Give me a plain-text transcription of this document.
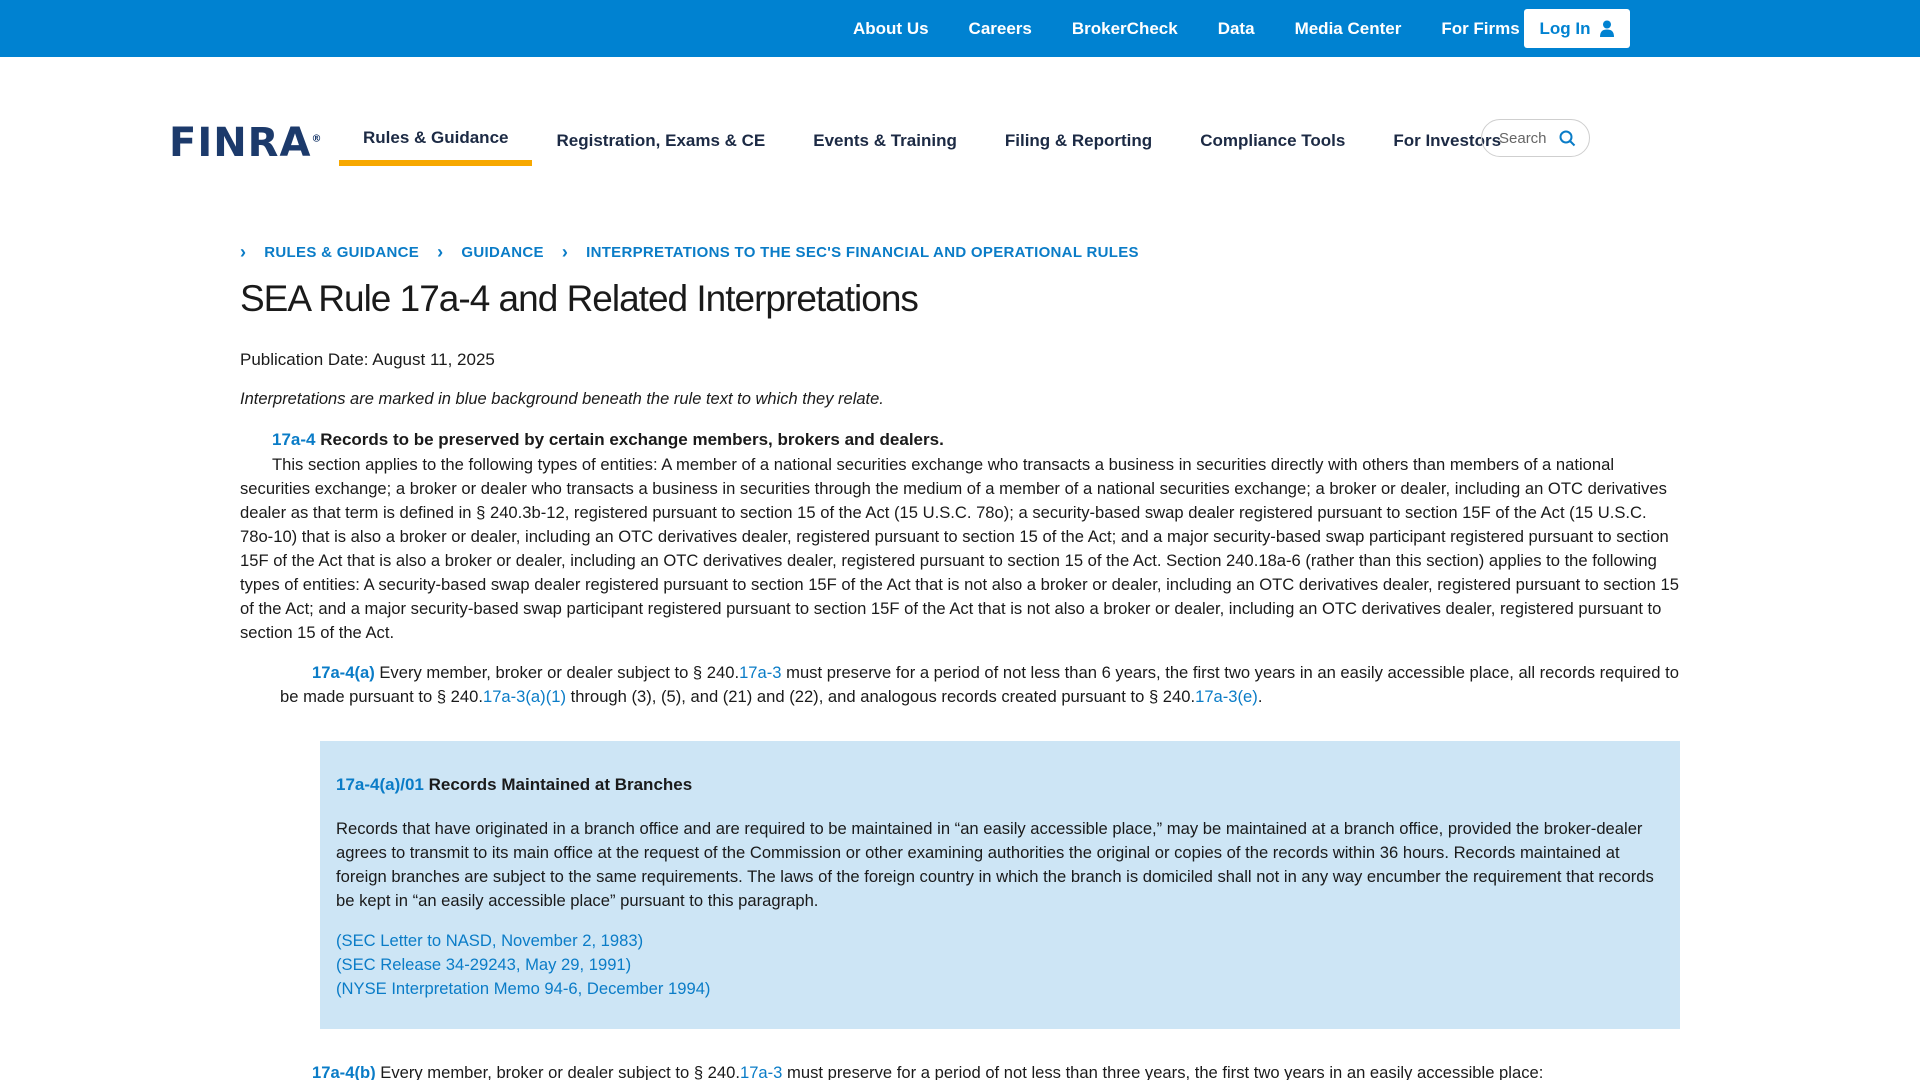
About Us Careers BrokerCheck Data Media Center For Firms Log In
FINRA®	Rules & Guidance	Registration, Exams & CE	Events & Training	Filing & Reporting	Compliance Tools	For Investors
Search
› RULES & GUIDANCE › GUIDANCE › INTERPRETATIONS TO THE SEC'S FINANCIAL AND OPERATIONAL RULES
SEA Rule 17a-4 and Related Interpretations
Publication Date: August 11, 2025
Interpretations are marked in blue background beneath the rule text to which they relate.
17a-4 Records to be preserved by certain exchange members, brokers and dealers.

This section applies to the following types of entities: A member of a national securities exchange who transacts a business in securities directly with others than members of a national securities exchange; a broker or dealer who transacts a business in securities through the medium of a member of a national securities exchange; a broker or dealer, including an OTC derivatives dealer as that term is defined in § 240.3b-12, registered pursuant to section 15 of the Act (15 U.S.C. 78o); a security-based swap dealer registered pursuant to section 15F of the Act (15 U.S.C. 78o-10) that is also a broker or dealer, including an OTC derivatives dealer, registered pursuant to section 15 of the Act; and a major security-based swap participant registered pursuant to section 15F of the Act that is also a broker or dealer, including an OTC derivatives dealer, registered pursuant to section 15 of the Act. Section 240.18a-6 (rather than this section) applies to the following types of entities: A security-based swap dealer registered pursuant to section 15F of the Act that is not also a broker or dealer, including an OTC derivatives dealer, registered pursuant to section 15 of the Act; and a major security-based swap participant registered pursuant to section 15F of the Act that is not also a broker or dealer, including an OTC derivatives dealer, registered pursuant to section 15 of the Act.

17a-4(a) Every member, broker or dealer subject to § 240.17a-3 must preserve for a period of not less than 6 years, the first two years in an easily accessible place, all records required to be made pursuant to § 240.17a-3(a)(1) through (3), (5), and (21) and (22), and analogous records created pursuant to § 240.17a-3(e).

17a-4(a)/01 Records Maintained at Branches

Records that have originated in a branch office and are required to be maintained in “an easily accessible place,” may be maintained at a branch office, provided the broker-dealer agrees to transmit to its main office at the request of the Commission or other examining authorities the original or copies of the records within 36 hours. Records maintained at foreign branches are subject to the same requirements. The laws of the foreign country in which the branch is domiciled shall not in any way encumber the requirement that records be kept in “an easily accessible place” pursuant to this paragraph.

(SEC Letter to NASD, November 2, 1983)
(SEC Release 34-29243, May 29, 1991)
(NYSE Interpretation Memo 94-6, December 1994)

17a-4(b) Every member, broker or dealer subject to § 240.17a-3 must preserve for a period of not less than three years, the first two years in an easily accessible place:
